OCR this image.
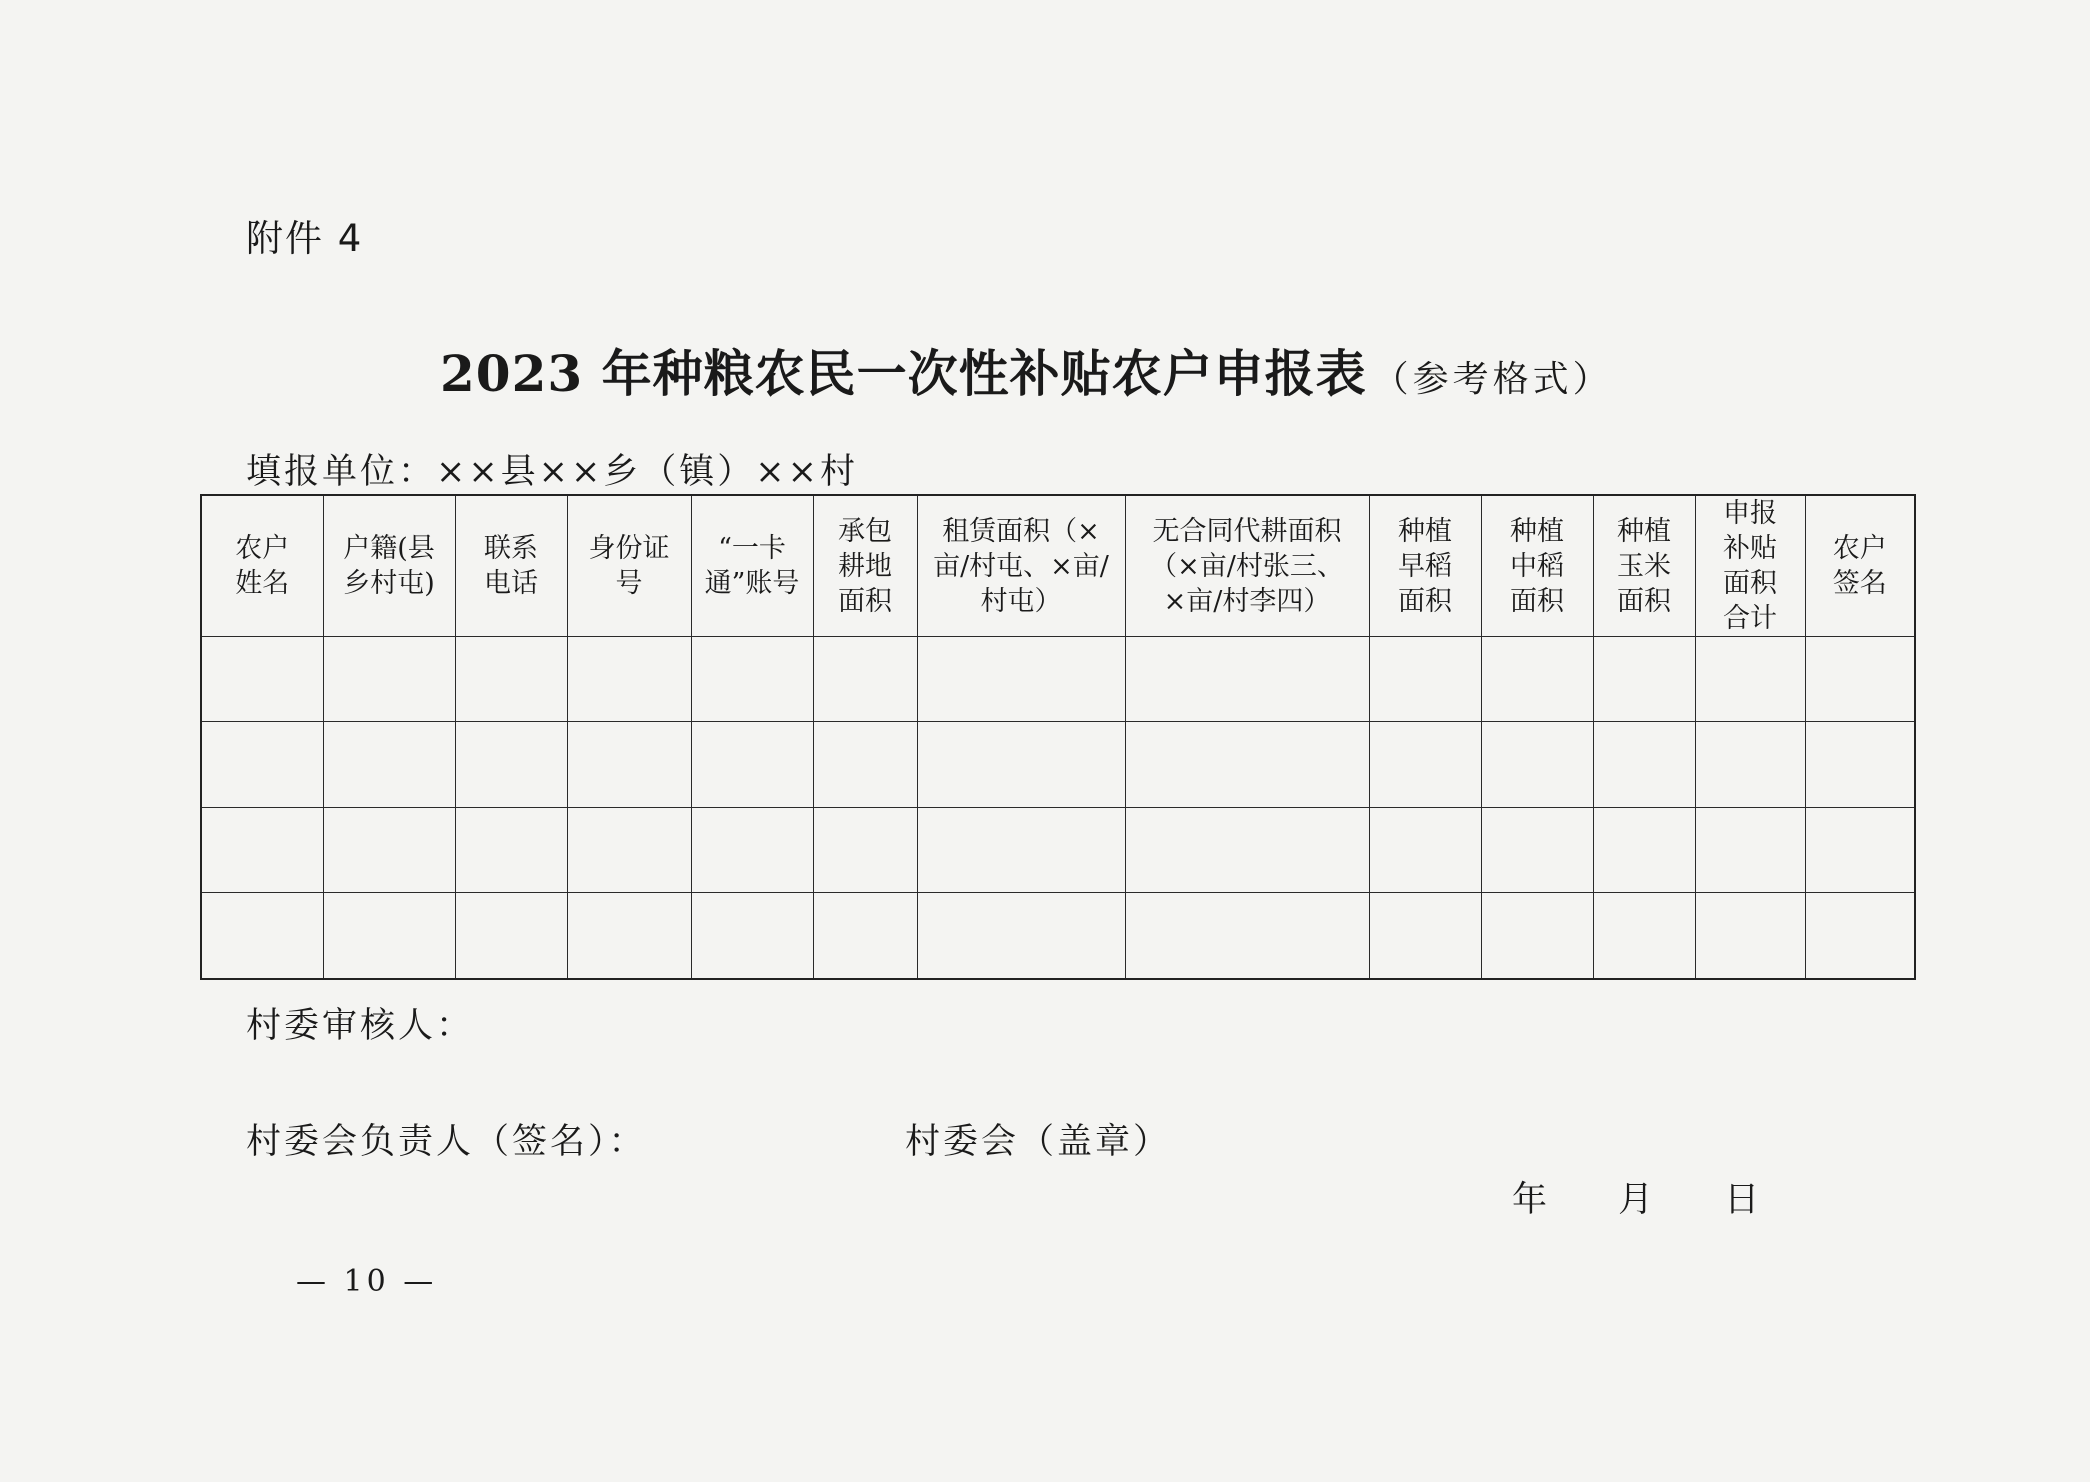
附件 4
2023 年种粮农民一次性补贴农户申报表 （参考格式）
填报单位：××县××乡（镇）××村
农户姓名	户籍(县乡村屯)	联系电话	身份证号	“一卡通”账号	承包耕地面积	租赁面积（×亩/村屯、×亩/村屯）	无合同代耕面积（×亩/村张三、×亩/村李四）	种植早稻面积	种植中稻面积	种植玉米面积	申报补贴面积合计	农户签名

村委审核人：
村委会负责人（签名）：	村委会（盖章）
年 月 日
— 10 —
